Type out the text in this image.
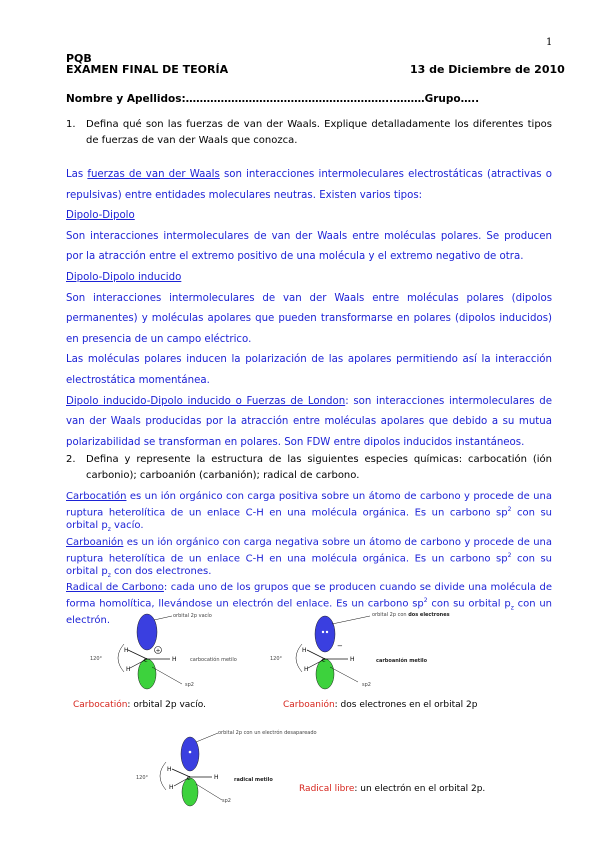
1
PQB
EXAMEN FINAL DE TEORÍA	13 de Diciembre de 2010
Nombre y Apellidos:…………………………………………………..………Grupo…..
1. Defina qué son las fuerzas de van der Waals. Explique detalladamente los diferentes tipos de fuerzas de van der Waals que conozca.
Las fuerzas de van der Waals son interacciones intermoleculares electrostáticas (atractivas o repulsivas) entre entidades moleculares neutras. Existen varios tipos:
Dipolo-Dipolo
Son interacciones intermoleculares de van der Waals entre moléculas polares. Se producen por la atracción entre el extremo positivo de una molécula y el extremo negativo de otra.
Dipolo-Dipolo inducido
Son interacciones intermoleculares de van der Waals entre moléculas polares (dipolos permanentes) y moléculas apolares que pueden transformarse en polares (dipolos inducidos) en presencia de un campo eléctrico.
Las moléculas polares inducen la polarización de las apolares permitiendo así la interacción electrostática momentánea.
Dipolo inducido-Dipolo inducido o Fuerzas de London: son interacciones intermoleculares de van der Waals producidas por la atracción entre moléculas apolares que debido a su mutua polarizabilidad se transforman en polares. Son FDW entre dipolos inducidos instantáneos.
2. Defina y represente la estructura de las siguientes especies químicas: carbocatión (ión carbonio); carboanión (carbanión); radical de carbono.
Carbocatión es un ión orgánico con carga positiva sobre un átomo de carbono y procede de una ruptura heterolítica de un enlace C-H en una molécula orgánica. Es un carbono $sp^2$ con su orbital $p_z$ vacío.
Carboanión es un ión orgánico con carga negativa sobre un átomo de carbono y procede de una ruptura heterolítica de un enlace C-H en una molécula orgánica. Es un carbono $sp^2$ con su orbital $p_z$ con dos electrones.
Radical de Carbono: cada uno de los grupos que se producen cuando se divide una molécula de forma homolítica, llevándose un electrón del enlace. Es un carbono $sp^2$ con su orbital $p_z$ con un electrón.
+
H
H
H
C
orbital 2p vacío
carbocatión metilo
120°
sp2
Carbocatión: orbital 2p vacío.
−
H
H
H
C
orbital 2p con dos electrones
carboanión metilo
120°
sp2
Carboanión: dos electrones en el orbital 2p
H
H
H
C
orbital 2p con un electrón desapareado
radical metilo
120°
sp2
Radical libre: un electrón en el orbital 2p.
